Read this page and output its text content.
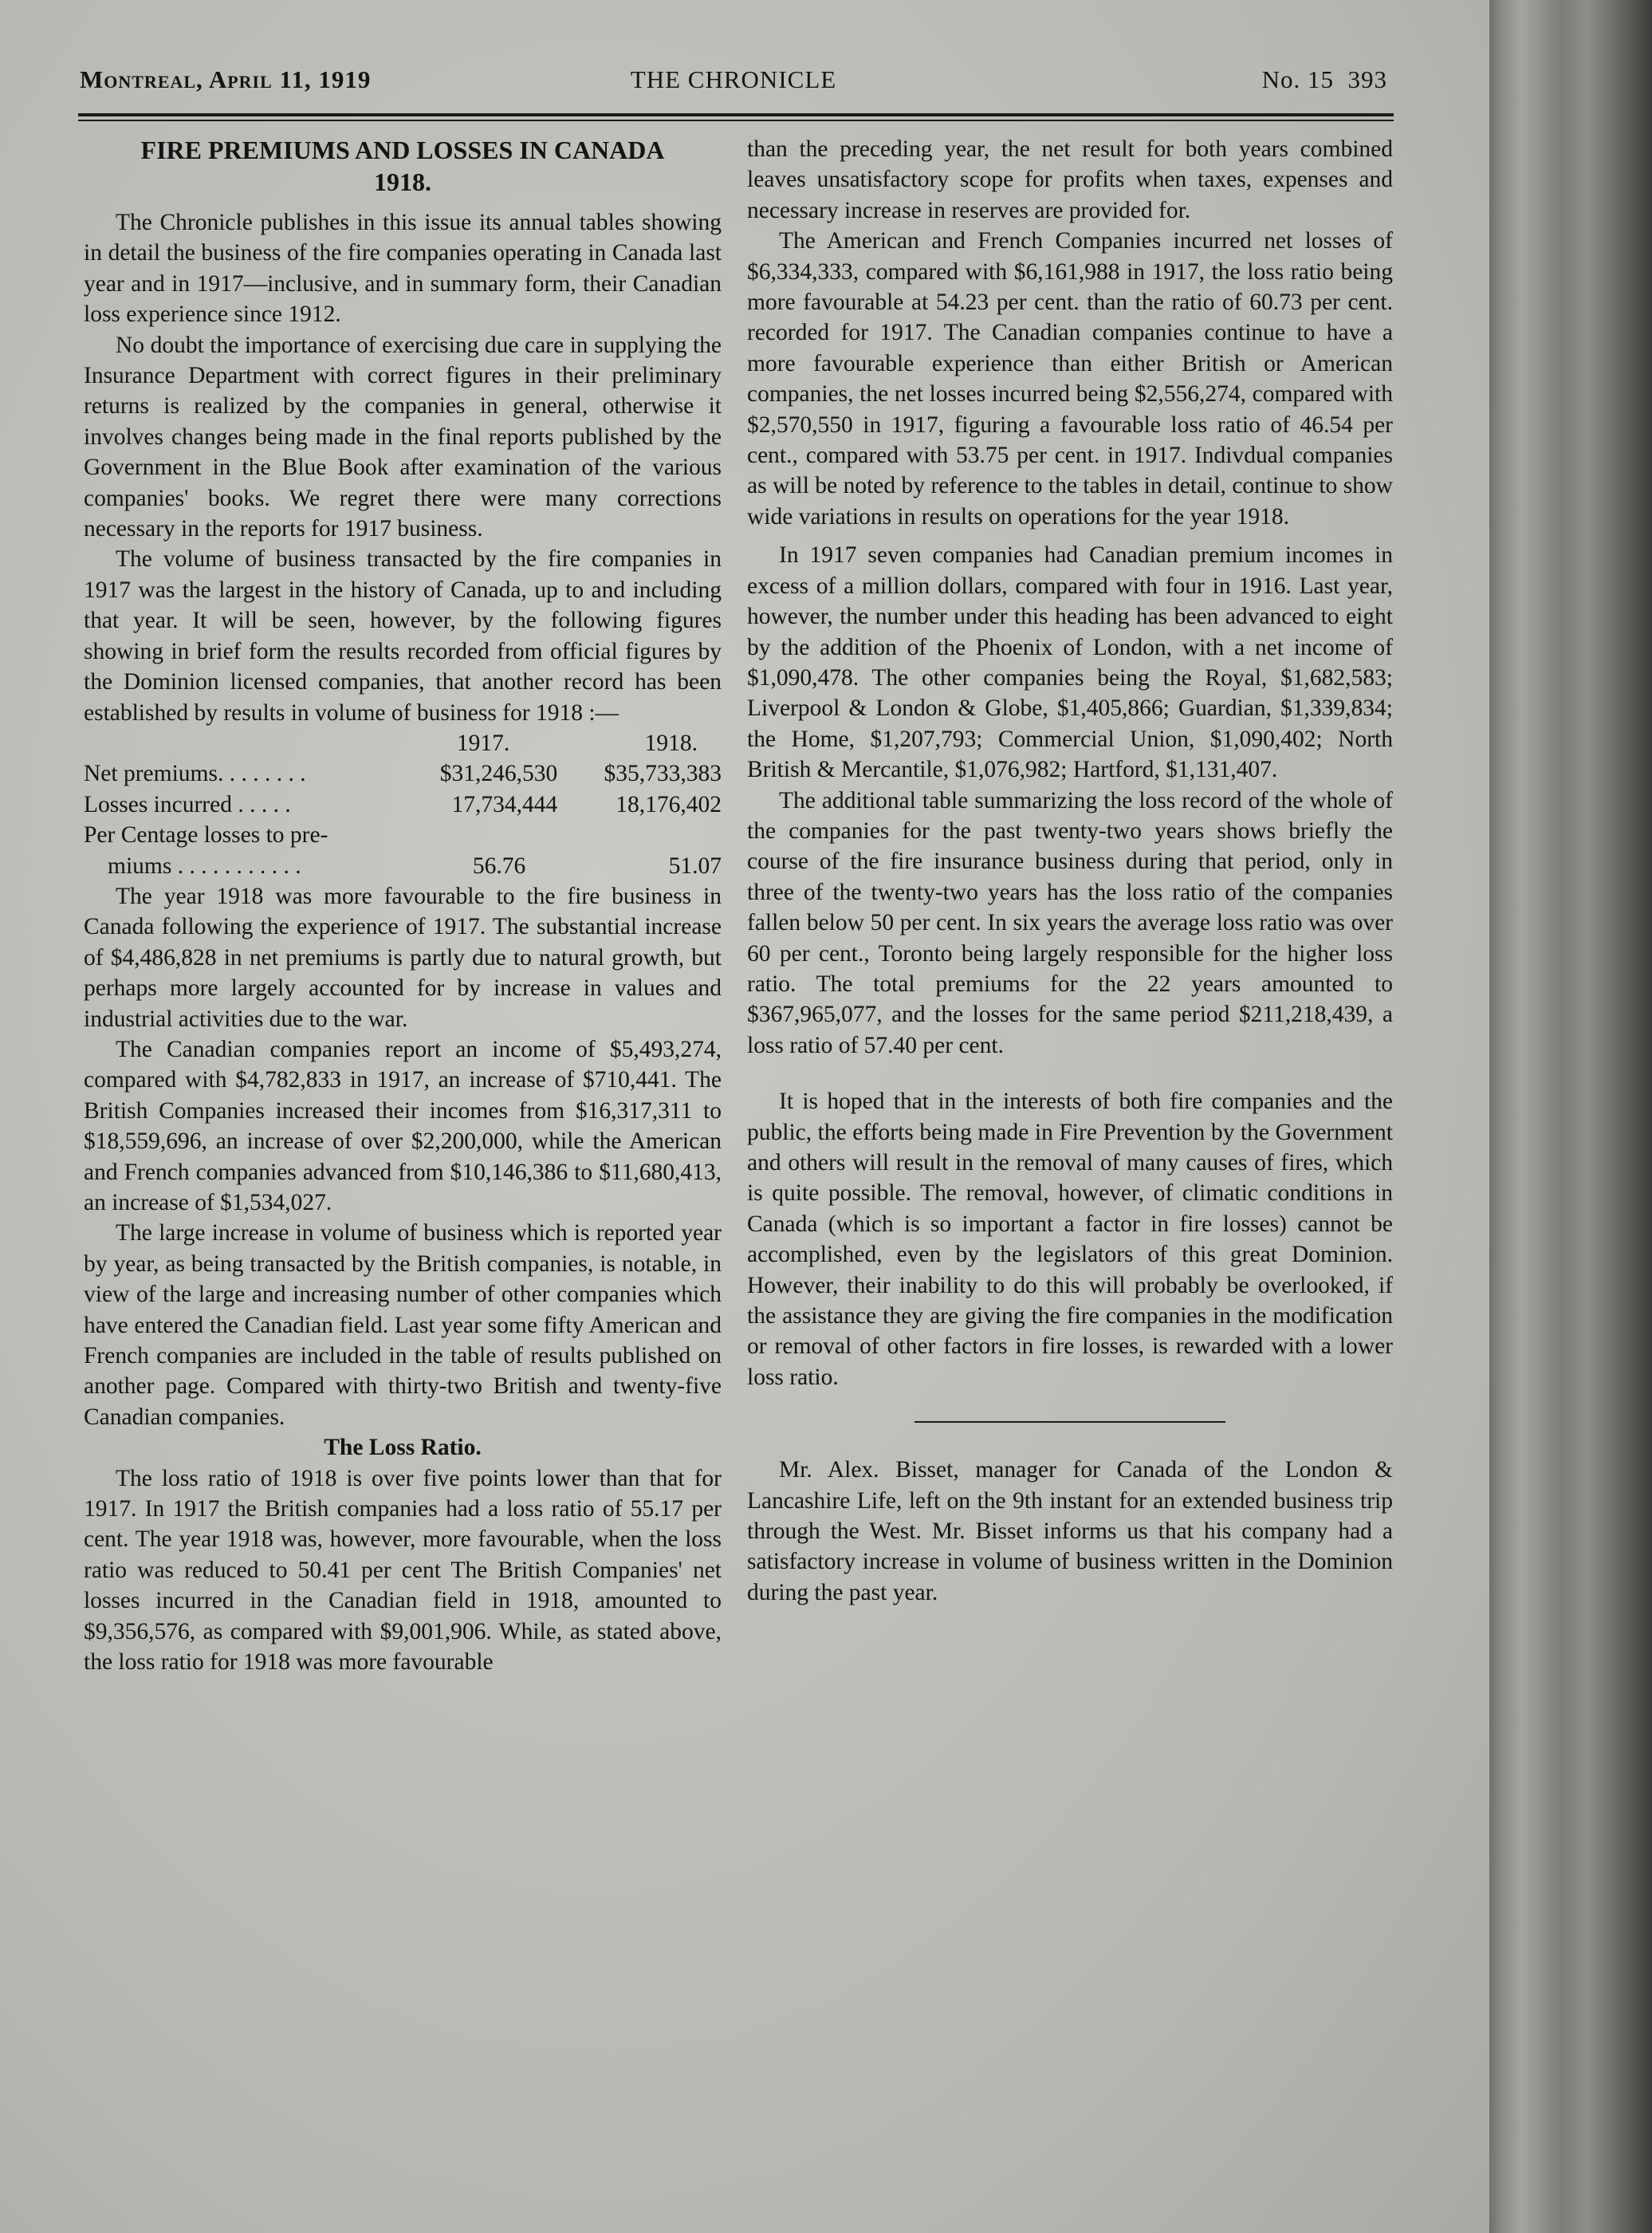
Montreal, April 11, 1919	THE CHRONICLE	No. 15 393

FIRE PREMIUMS AND LOSSES IN CANADA

1918.

The Chronicle publishes in this issue its annual tables showing in detail the business of the fire companies operating in Canada last year and in 1917—inclusive, and in summary form, their Canadian loss experience since 1912.

No doubt the importance of exercising due care in supplying the Insurance Department with correct figures in their preliminary returns is realized by the companies in general, otherwise it involves changes being made in the final reports published by the Government in the Blue Book after examination of the various companies' books. We regret there were many corrections necessary in the reports for 1917 business.

The volume of business transacted by the fire companies in 1917 was the largest in the history of Canada, up to and including that year. It will be seen, however, by the following figures showing in brief form the results recorded from official figures by the Dominion licensed companies, that another record has been established by results in volume of business for 1918 :—

	1917.	1918.
Net premiums. . . . . . . .	$31,246,530	$35,733,383
Losses incurred . . . . .	17,734,444	18,176,402
Per Centage losses to pre-		
miums . . . . . . . . . . .	56.76	51.07

The year 1918 was more favourable to the fire business in Canada following the experience of 1917. The substantial increase of $4,486,828 in net premiums is partly due to natural growth, but perhaps more largely accounted for by increase in values and industrial activities due to the war.

The Canadian companies report an income of $5,493,274, compared with $4,782,833 in 1917, an increase of $710,441. The British Companies increased their incomes from $16,317,311 to $18,559,696, an increase of over $2,200,000, while the American and French companies advanced from $10,146,386 to $11,680,413, an increase of $1,534,027.

The large increase in volume of business which is reported year by year, as being transacted by the British companies, is notable, in view of the large and increasing number of other companies which have entered the Canadian field. Last year some fifty American and French companies are included in the table of results published on another page. Compared with thirty-two British and twenty-five Canadian companies.

The Loss Ratio.

The loss ratio of 1918 is over five points lower than that for 1917. In 1917 the British companies had a loss ratio of 55.17 per cent. The year 1918 was, however, more favourable, when the loss ratio was reduced to 50.41 per cent The British Companies' net losses incurred in the Canadian field in 1918, amounted to $9,356,576, as compared with $9,001,906. While, as stated above, the loss ratio for 1918 was more favourable

than the preceding year, the net result for both years combined leaves unsatisfactory scope for profits when taxes, expenses and necessary increase in reserves are provided for.

The American and French Companies incurred net losses of $6,334,333, compared with $6,161,988 in 1917, the loss ratio being more favourable at 54.23 per cent. than the ratio of 60.73 per cent. recorded for 1917. The Canadian companies continue to have a more favourable experience than either British or American companies, the net losses incurred being $2,556,274, compared with $2,570,550 in 1917, figuring a favourable loss ratio of 46.54 per cent., compared with 53.75 per cent. in 1917. Indivdual companies as will be noted by reference to the tables in detail, continue to show wide variations in results on operations for the year 1918.

In 1917 seven companies had Canadian premium incomes in excess of a million dollars, compared with four in 1916. Last year, however, the number under this heading has been advanced to eight by the addition of the Phoenix of London, with a net income of $1,090,478. The other companies being the Royal, $1,682,583; Liverpool & London & Globe, $1,405,866; Guardian, $1,339,834; the Home, $1,207,793; Commercial Union, $1,090,402; North British & Mercantile, $1,076,982; Hartford, $1,131,407.

The additional table summarizing the loss record of the whole of the companies for the past twenty-two years shows briefly the course of the fire insurance business during that period, only in three of the twenty-two years has the loss ratio of the companies fallen below 50 per cent. In six years the average loss ratio was over 60 per cent., Toronto being largely responsible for the higher loss ratio. The total premiums for the 22 years amounted to $367,965,077, and the losses for the same period $211,218,439, a loss ratio of 57.40 per cent.

It is hoped that in the interests of both fire companies and the public, the efforts being made in Fire Prevention by the Government and others will result in the removal of many causes of fires, which is quite possible. The removal, however, of climatic conditions in Canada (which is so important a factor in fire losses) cannot be accomplished, even by the legislators of this great Dominion. However, their inability to do this will probably be overlooked, if the assistance they are giving the fire companies in the modification or removal of other factors in fire losses, is rewarded with a lower loss ratio.

Mr. Alex. Bisset, manager for Canada of the London & Lancashire Life, left on the 9th instant for an extended business trip through the West. Mr. Bisset informs us that his company had a satisfactory increase in volume of business written in the Dominion during the past year.
